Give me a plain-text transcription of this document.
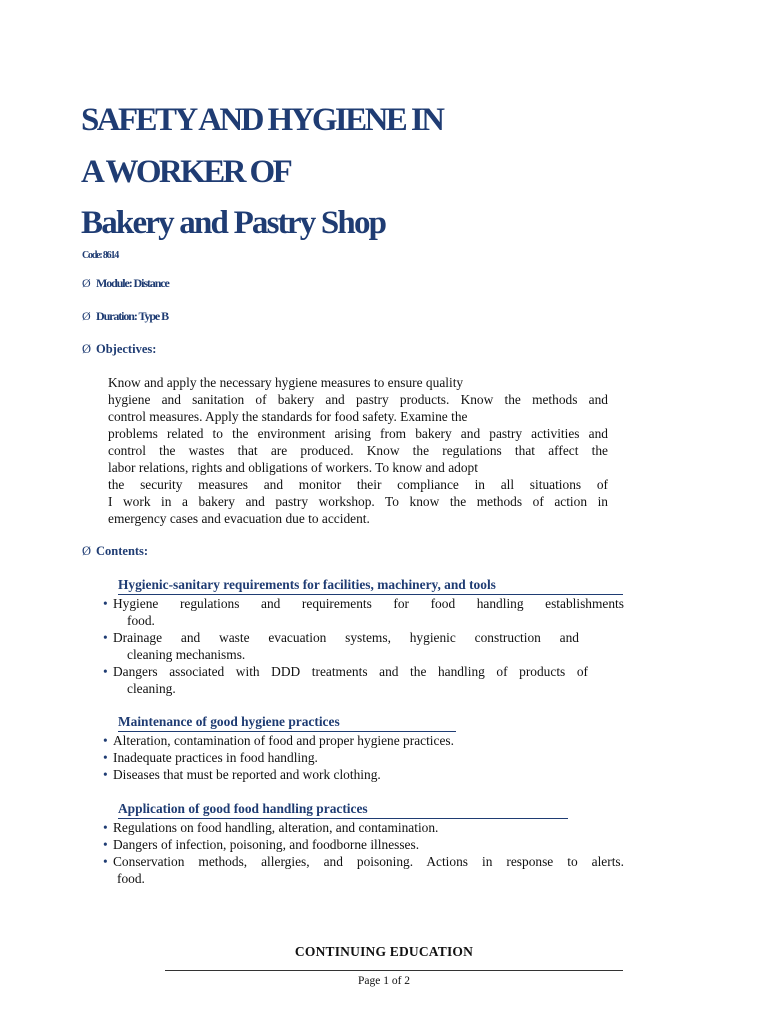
SAFETY AND HYGIENE IN
A WORKER OF
Bakery and Pastry Shop
Code: 8614
Ø Module: Distance
Ø Duration: Type B
Ø Objectives:
Know and apply the necessary hygiene measures to ensure quality
hygiene and sanitation of bakery and pastry products. Know the methods and
control measures. Apply the standards for food safety. Examine the
problems related to the environment arising from bakery and pastry activities and
control the wastes that are produced. Know the regulations that affect the
labor relations, rights and obligations of workers. To know and adopt
the security measures and monitor their compliance in all situations of
I work in a bakery and pastry workshop. To know the methods of action in
emergency cases and evacuation due to accident.
Ø Contents:
Hygienic-sanitary requirements for facilities, machinery, and tools
• Hygiene regulations and requirements for food handling establishments
food.
• Drainage and waste evacuation systems, hygienic construction and
cleaning mechanisms.
• Dangers associated with DDD treatments and the handling of products of
cleaning.
Maintenance of good hygiene practices
• Alteration, contamination of food and proper hygiene practices.
• Inadequate practices in food handling.
• Diseases that must be reported and work clothing.
Application of good food handling practices
• Regulations on food handling, alteration, and contamination.
• Dangers of infection, poisoning, and foodborne illnesses.
• Conservation methods, allergies, and poisoning. Actions in response to alerts.
food.
CONTINUING EDUCATION
Page 1 of 2
